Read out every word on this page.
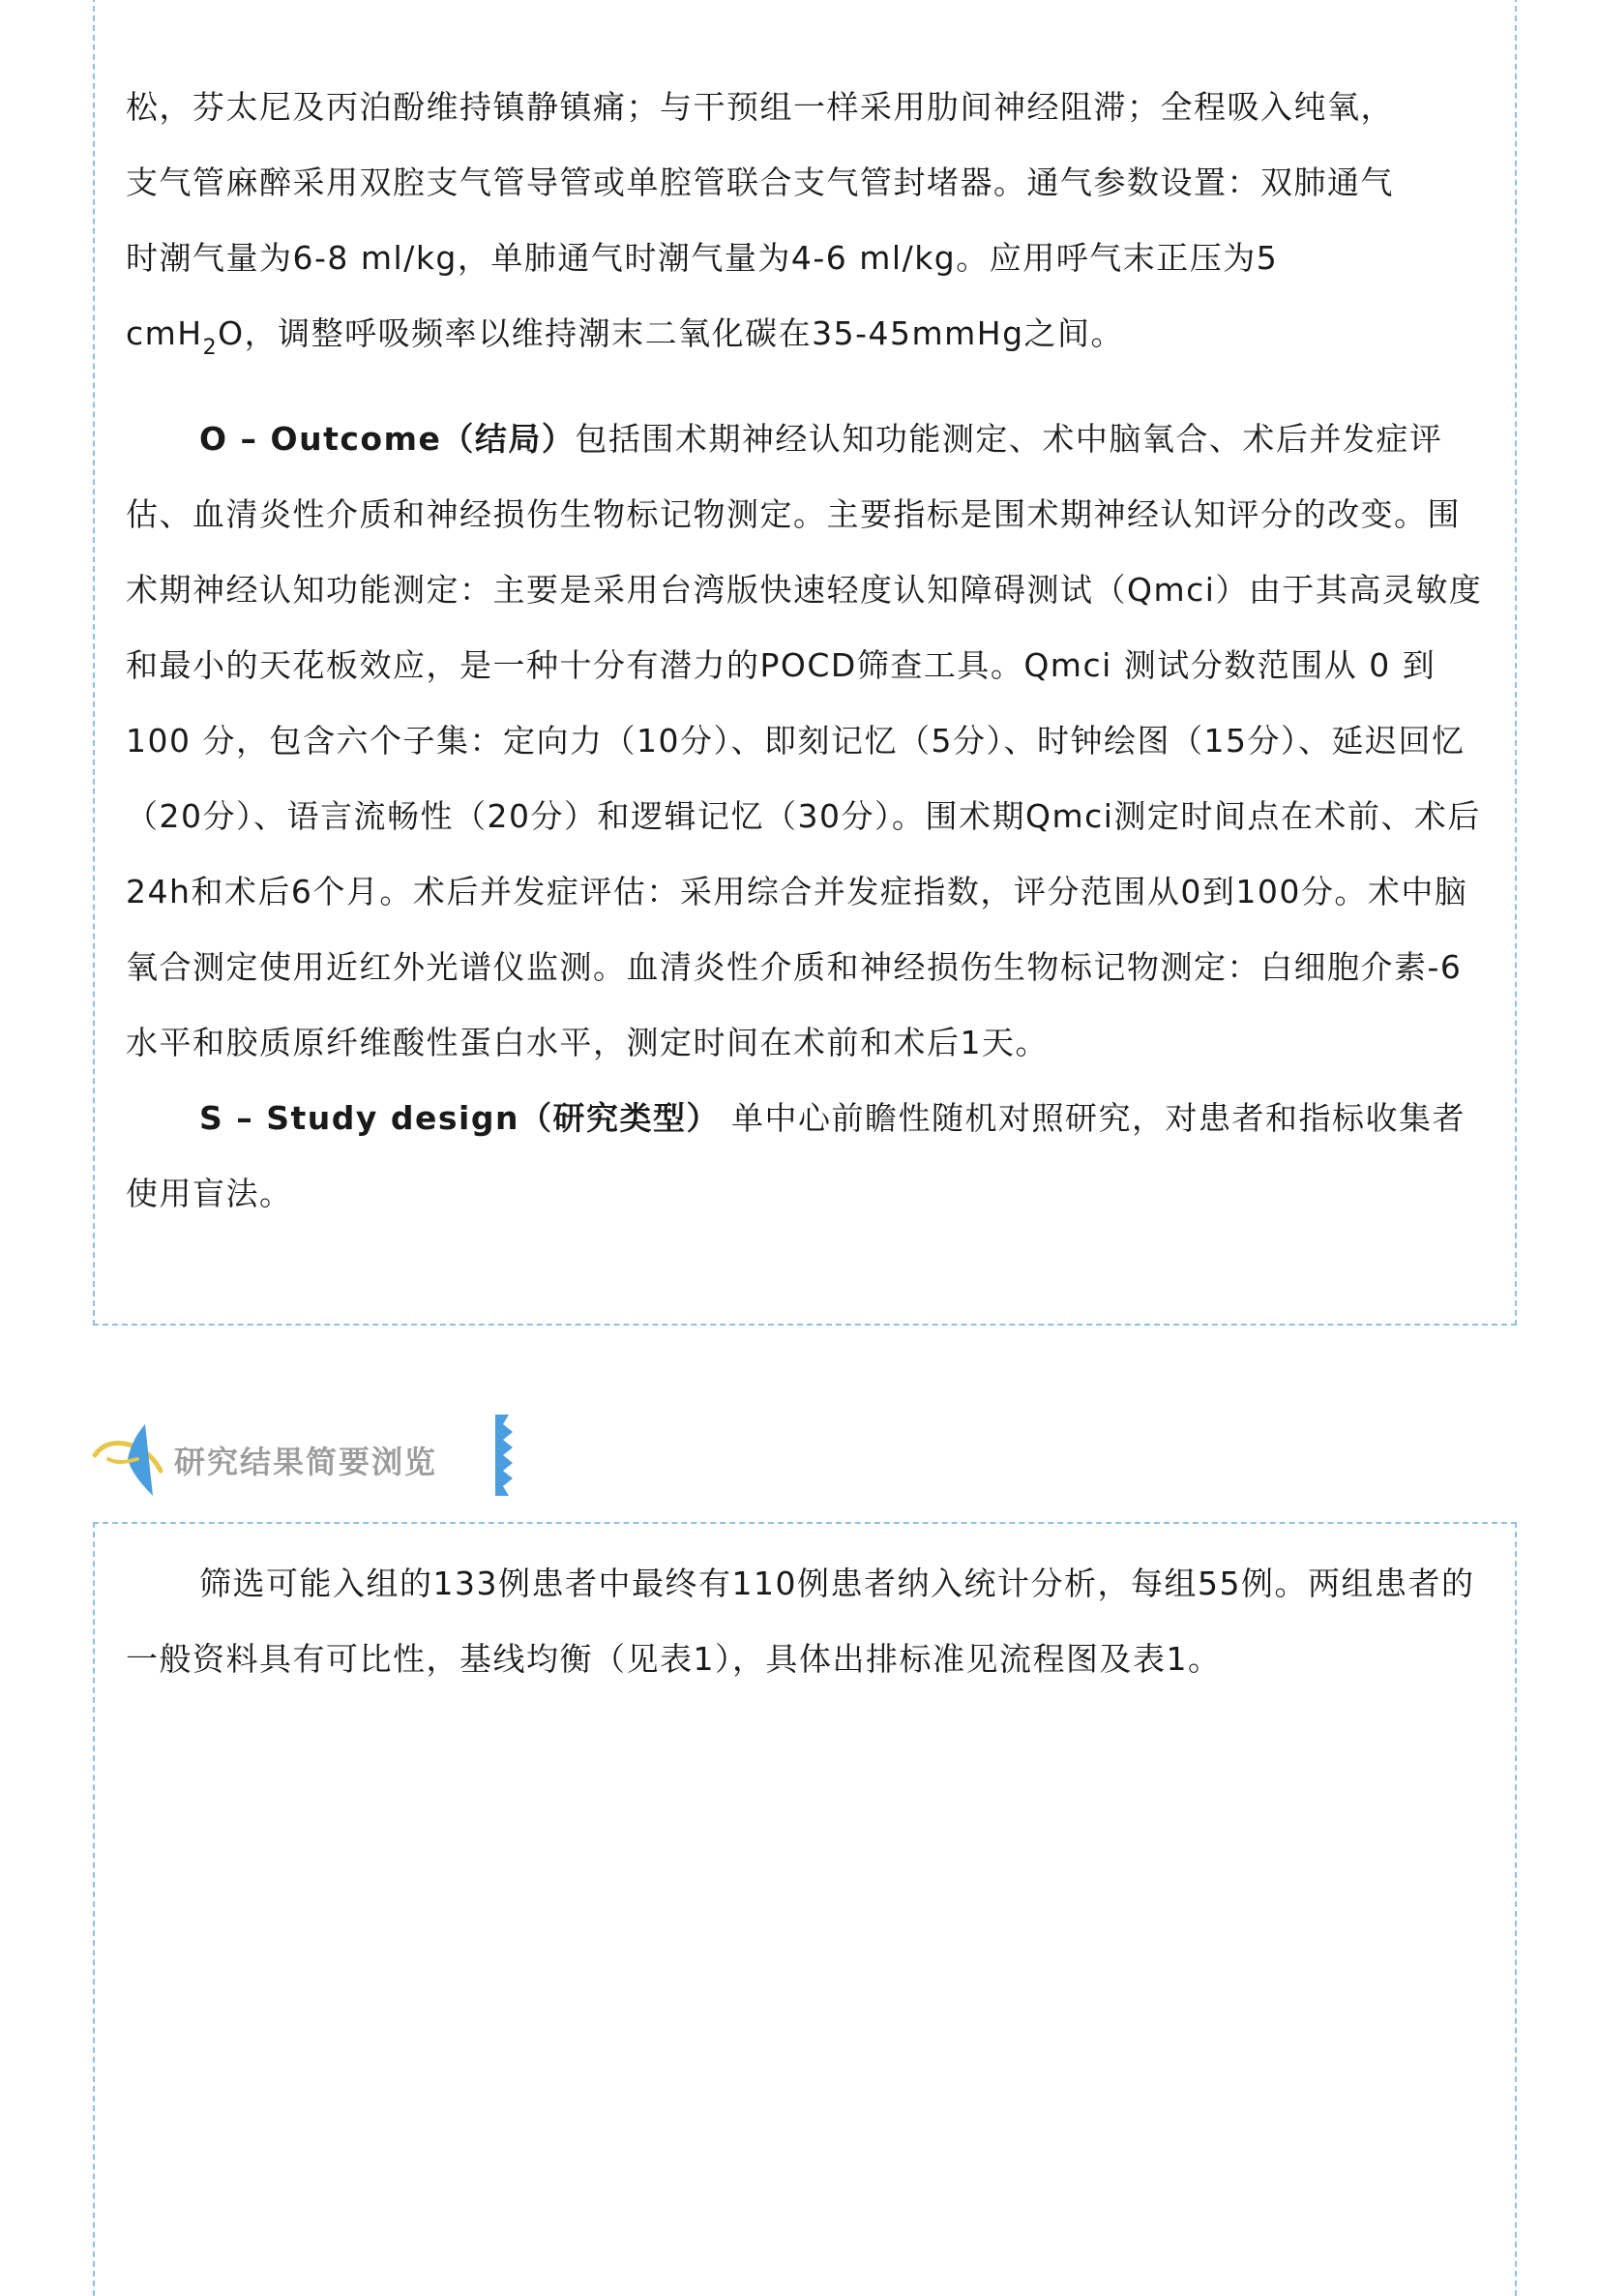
松，芬太尼及丙泊酚维持镇静镇痛；与干预组一样采用肋间神经阻滞；全程吸入纯氧，

支气管麻醉采用双腔支气管导管或单腔管联合支气管封堵器。通气参数设置：双肺通气

时潮气量为6-8 ml/kg，单肺通气时潮气量为4-6 ml/kg。应用呼气末正压为5

cmH$_2$O，调整呼吸频率以维持潮末二氧化碳在35-45mmHg之间。

O – Outcome（结局）包括围术期神经认知功能测定、术中脑氧合、术后并发症评估、血清炎性介质和神经损伤生物标记物测定。主要指标是围术期神经认知评分的改变。围术期神经认知功能测定：主要是采用台湾版快速轻度认知障碍测试（Qmci）由于其高灵敏度和最小的天花板效应，是一种十分有潜力的POCD筛查工具。Qmci 测试分数范围从 0 到 100 分，包含六个子集：定向力（10分）、即刻记忆（5分）、时钟绘图（15分）、延迟回忆（20分）、语言流畅性（20分）和逻辑记忆（30分）。围术期Qmci测定时间点在术前、术后24h和术后6个月。术后并发症评估：采用综合并发症指数，评分范围从0到100分。术中脑氧合测定使用近红外光谱仪监测。血清炎性介质和神经损伤生物标记物测定：白细胞介素-6水平和胶质原纤维酸性蛋白水平，测定时间在术前和术后1天。

S – Study design（研究类型） 单中心前瞻性随机对照研究，对患者和指标收集者使用盲法。

研究结果简要浏览

筛选可能入组的133例患者中最终有110例患者纳入统计分析，每组55例。两组患者的一般资料具有可比性，基线均衡（见表1），具体出排标准见流程图及表1。
